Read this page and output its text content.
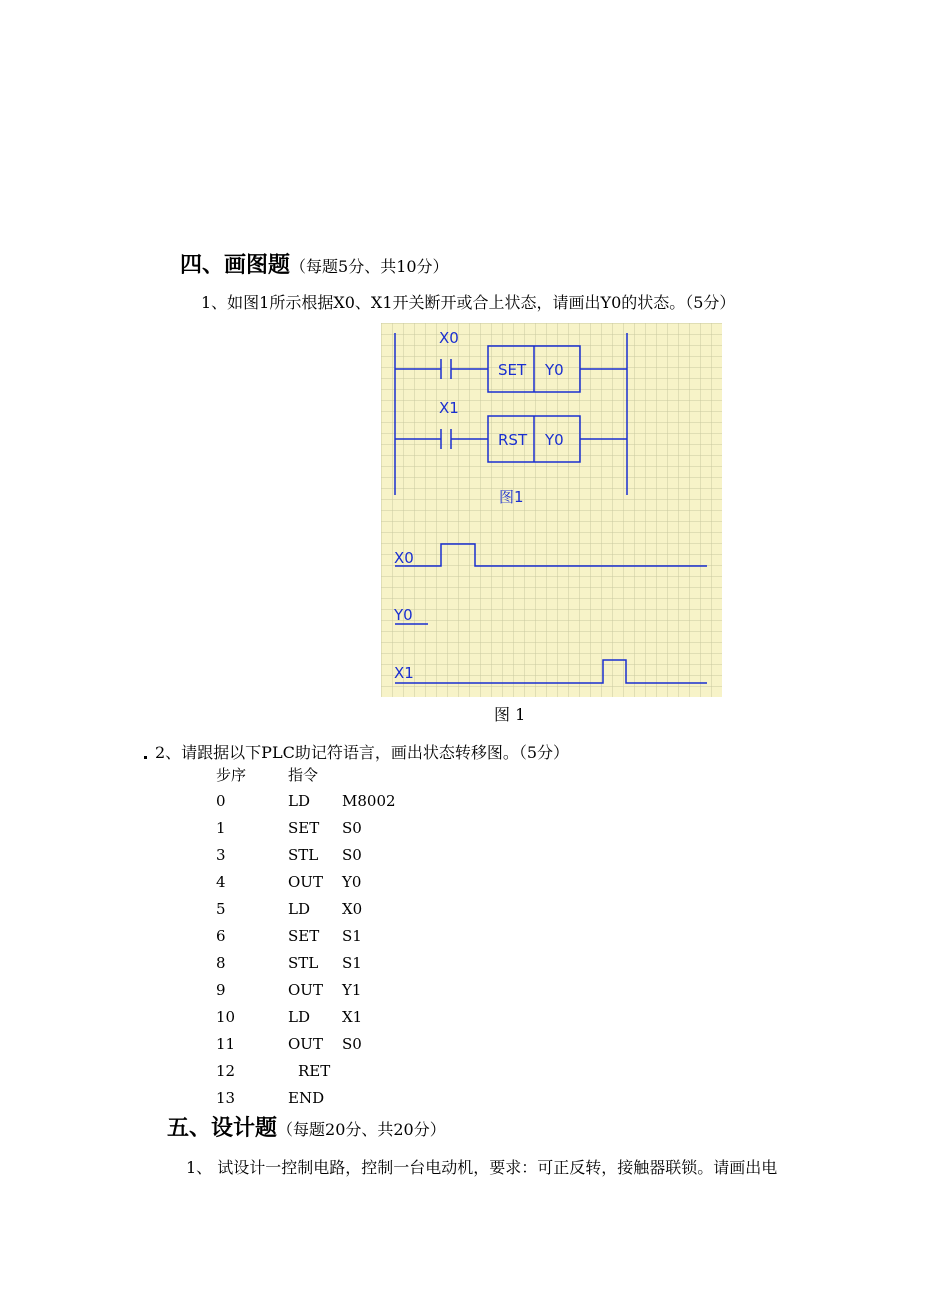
四、画图题（每题5分、共10分）
1、如图1所示根据X0、X1开关断开或合上状态，请画出Y0的状态。（5分）
X0
X1
SET Y0
RST Y0
图1
X0
Y0
X1
图 1
2、请跟据以下PLC助记符语言，画出状态转移图。（5分）
步序	指令
0	LD M8002
1	SET S0
3	STL S0
4	OUT Y0
5	LD X0
6	SET S1
8	STL S1
9	OUT Y1
10	LD X1
11	OUT S0
12	RET
13	END
五、设计题（每题20分、共20分）
1、 试设计一控制电路，控制一台电动机，要求：可正反转，接触器联锁。请画出电
